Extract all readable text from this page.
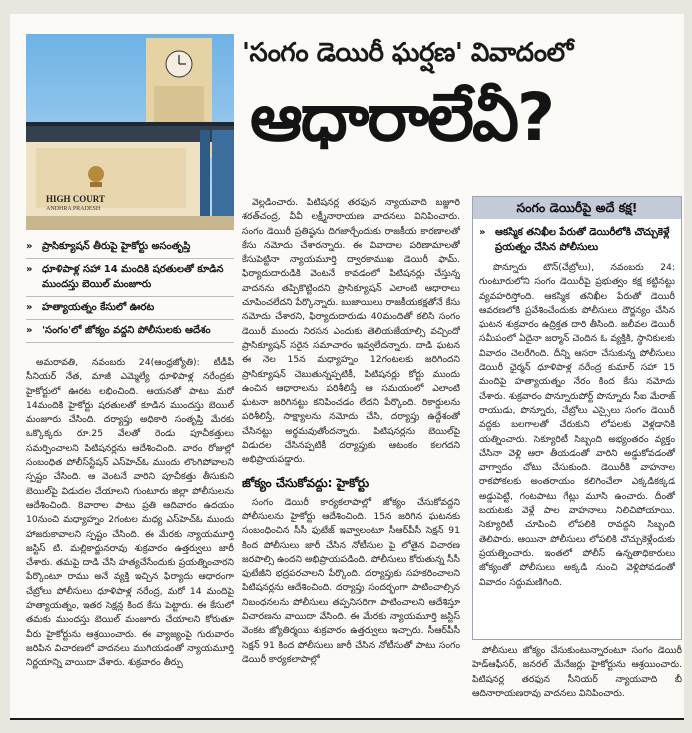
HIGH COURT
ANDHRA PRADESH
'సంగం డెయిరీ ఘర్షణ' వివాదంలో
ఆధారాలేవీ?
» ప్రాసిక్యూషన్ తీరుపై హైకోర్టు అసంతృప్తి
» ధూళిపాళ్ల సహా 14 మందికి షరతులతో కూడిన ముందస్తు బెయిల్ మంజూరు
» హత్యాయత్నం కేసులో ఊరట
» 'సంగం'లో జోక్యం వద్దని పోలీసులకు ఆదేశం

అమరావతి, నవంబరు 24(ఆంధ్రజ్యోతి): టీడీపీ సీనియర్ నేత, మాజీ ఎమ్మెల్యే ధూళిపాళ్ల నరేంద్రకు హైకోర్టులో ఊరట లభించింది. ఆయనతో పాటు మరో 14మందికి హైకోర్టు షరతులతో కూడిన ముందస్తు బెయిల్ మంజూరు చేసింది. దర్యాప్తు అధికారి సంతృప్తి మేరకు ఒక్కొక్కరు రూ.25 వేలతో రెండు పూచీకత్తులు సమర్పించాలని పిటిషనర్లను ఆదేశించింది. వారం రోజుల్లో సంబంధిత పోలీస్‌స్టేషన్ ఎస్‌హెచ్‌ఓ ముందు లొంగిపోవాలని స్పష్టం చేసింది. ఆ వెంటనే వారిని పూచీకత్తు తీసుకుని బెయిల్‌పై విడుదల చేయాలని గుంటూరు జిల్లా పోలీసులను ఆదేశించింది. 8వారాల పాటు ప్రతి ఆదివారం ఉదయం 10నుంచి మధ్యాహ్నం 2గంటల మధ్య ఎస్‌హెచ్‌ఓ ముందు హాజరుకావాలని స్పష్టం చేసింది. ఈ మేరకు న్యాయమూర్తి జస్టిస్ టి. మల్లికార్జునరావు శుక్రవారం ఉత్తర్వులు జారీ చేశారు. తమపై దాడి చేసి హత్యచేసేందుకు ప్రయత్నించారని పేర్కొంటూ రాము అనే వ్యక్తి ఇచ్చిన ఫిర్యాదు ఆధారంగా చేబ్రోలు పోలీసులు ధూళిపాళ్ల నరేంద్ర, మరో 14 మందిపై హత్యాయత్నం, ఇతర సెక్షన్ల కింద కేసు పెట్టారు. ఈ కేసులో తమకు ముందస్తు బెయిల్ మంజూరు చేయాలని కోరుతూ వీరు హైకోర్టును ఆశ్రయించారు. ఈ వ్యాజ్యంపై గురువారం జరిపిన విచారణలో వాదనలు ముగియడంతో న్యాయమూర్తి నిర్ణయాన్ని వాయిదా వేశారు. శుక్రవారం తీర్పు

వెల్లడించారు. పిటిషనర్ల తరఫున న్యాయవాది బజ్జూరి శరత్‌చంద్ర, వీవీ లక్ష్మీనారాయణ వాదనలు వినిపించారు. సంగం డెయిరీ ప్రతిష్ఠను దిగజార్చేందుకు రాజకీయ కారణాలతో కేసు నమోదు చేశారన్నారు. ఈ వివాదాల పరిణామాలతో కేసుపెట్టినా న్యాయమూర్తి ద్వారకాముఖ డెయిరీ ఫామ్. ఫిర్యాదుదారుడికి వెంటనే కావడంలో పిటిషనర్లు చేస్తున్న వాదనను తప్పికొట్టిందని ప్రాసిక్యూషన్ ఎలాంటి ఆధారాలు చూపించలేదని పేర్కొన్నారు. బుజాయిలు రాజకీయకక్షతోనే కేసు నమోదు చేశారని, ఫిర్యాదుదారుడు 40మందితో కలిసి సంగం డెయిరీ ముందు నిరసన ఎందుకు తెలియజేయాల్సి వచ్చిందో ప్రాసిక్యూషన్ సరైన సమాచారం ఇవ్వలేదన్నారు. దాడి ఘటన ఈ నెల 15న మధ్యాహ్నం 12గంటలకు జరిగిందని ప్రాసిక్యూషన్ చెబుతున్నప్పటికీ, పిటిషనర్లు కోర్టు ముందు ఉంచిన ఆధారాలను పరిశీలిస్తే ఆ సమయంలో ఎలాంటి ఘటనా జరిగినట్టు కనిపించడం లేదని పేర్కొంది. రికార్డులను పరిశీలిస్తే, సాక్ష్యాలను నమోదు చేసి, దర్యాప్తు ఉద్దేశంతో చేసినట్టు అర్థమవుతోందన్నారు. పిటిషనర్లను బెయిల్‌పై విడుదల చేసినప్పటికీ దర్యాప్తుకు ఆటంకం కలగదని అభిప్రాయపడ్డారు.

జోక్యం చేసుకోవద్దు: హైకోర్టు

సంగం డెయిరీ కార్యకలాపాల్లో జోక్యం చేసుకోవద్దని పోలీసులను హైకోర్టు ఆదేశించింది. 15న జరిగిన ఘటనకు సంబంధించిన సీసీ ఫుటేజ్ ఇవ్వాలంటూ సీఆర్‌పీసీ సెక్షన్ 91 కింద పోలీసులు జారీ చేసిన నోటీసుల పై లోతైన విచారణ జరపాల్సి ఉందని అభిప్రాయపడింది. పోలీసులు కోరుతున్న సీసీ ఫుటేజీని భద్రపరచాలని పేర్కొంది. దర్యాప్తుకు సహకరించాలని పిటిషనర్లను ఆదేశించింది. దర్యాప్తు సందర్భంగా పాటించాల్సిన నిబంధనలను పోలీసులు తప్పనిసరిగా పాటించాలని ఆదేశిస్తూ విచారణను వాయిదా వేసింది. ఈ మేరకు న్యాయమూర్తి జస్టిస్ వెంకట జ్యోతిర్మయి శుక్రవారం ఉత్తర్వులు ఇచ్చారు. సీఆర్‌పీసీ సెక్షన్ 91 కింద పోలీసులు జారీ చేసిన నోటీసుతో పాటు సంగం డెయిరీ కార్యకలాపాల్లో

సంగం డెయిరీపై అదే కక్ష!
» ఆకస్మిక తనిఖీల పేరుతో డెయిరీలోకి చొచ్చుకెళ్లే ప్రయత్నం చేసిన పోలీసులు
పొన్నూరు టౌన్(చేబ్రోలు), నవంబరు 24: గుంటూరులోని సంగం డెయిరీపై ప్రభుత్వం కక్ష కట్టినట్టు వ్యవహరిస్తోంది. ఆకస్మిక తనిఖీల పేరుతో డెయిరీ ఆవరణలోకి ప్రవేశించేందుకు పోలీసులు దౌర్జన్యం చేసిన ఘటన శుక్రవారం ఉద్రిక్తత దారి తీసింది. జలీవల డెయిరీ సమీపంలో ఏదైనా జర్మాన్ చెందిన ఓ వ్యక్తికి, స్థానికులకు వివాదం చెలరేగింది. దీన్ని ఆసరా చేసుకున్న పోలీసులు డెయిరీ ఛైర్మన్ ధూళిపాళ్ల నరేంద్ర కుమార్ సహా 15 మందిపై హత్యాయత్నం నేరం కింద కేసు నమోదు చేశారు. శుక్రవారం పొన్నూరుపోర్ట్ పొన్నూరు సీఐ మేరాజ్ రాయుడు, పొన్నూరు, చేబ్రోలు ఎస్సైలు సంగం డెయిరీ వద్దకు బలగాలతో చేరుకుని లోపలకు వెళ్లడానికి యత్నించారు. సెక్యూరిటీ సిబ్బంది అభ్యంతరం వ్యక్తం చేసినా వెళ్లి ఆరా తీయడంతో వారిని అడ్డుకోవడంతో వాగ్వాదం చోటు చేసుకుంది. డెయిరీకి వాహనాల రాకపోకలకు అంతరాయం కలిగించేలా ఎక్కడికక్కడ అడ్డుపెట్టి, గంటపాటు గేట్లు మూసి ఉంచారు. దీంతో బయటకు వెళ్లే పాల వాహనాలు నిలిచిపోయాయి. సెక్యూరిటీ చూపించి లోపలికి రావద్దని సిబ్బంది తెలిపారు. ఆయినా పోలీసులు లోపలికి చొచ్చుకెళ్లేందుకు ప్రయత్నించారు. ఇంతలో పోలీస్ ఉన్నతాధికారులు జోక్యంతో పోలీసులు అక్కడి నుంచి వెళ్లిపోవడంతో వివాదం సద్దుమణిగింది.

పోలీసులు జోక్యం చేసుకుంటున్నారంటూ సంగం డెయిరీ హెడ్‌ఆఫీసర్, జనరల్ మేనేజర్లు హైకోర్టును ఆశ్రయించారు. పిటిషనర్ల తరఫున సీనియర్ న్యాయవాది బీ ఆదినారాయణరావు వాదనలు వినిపించారు.
